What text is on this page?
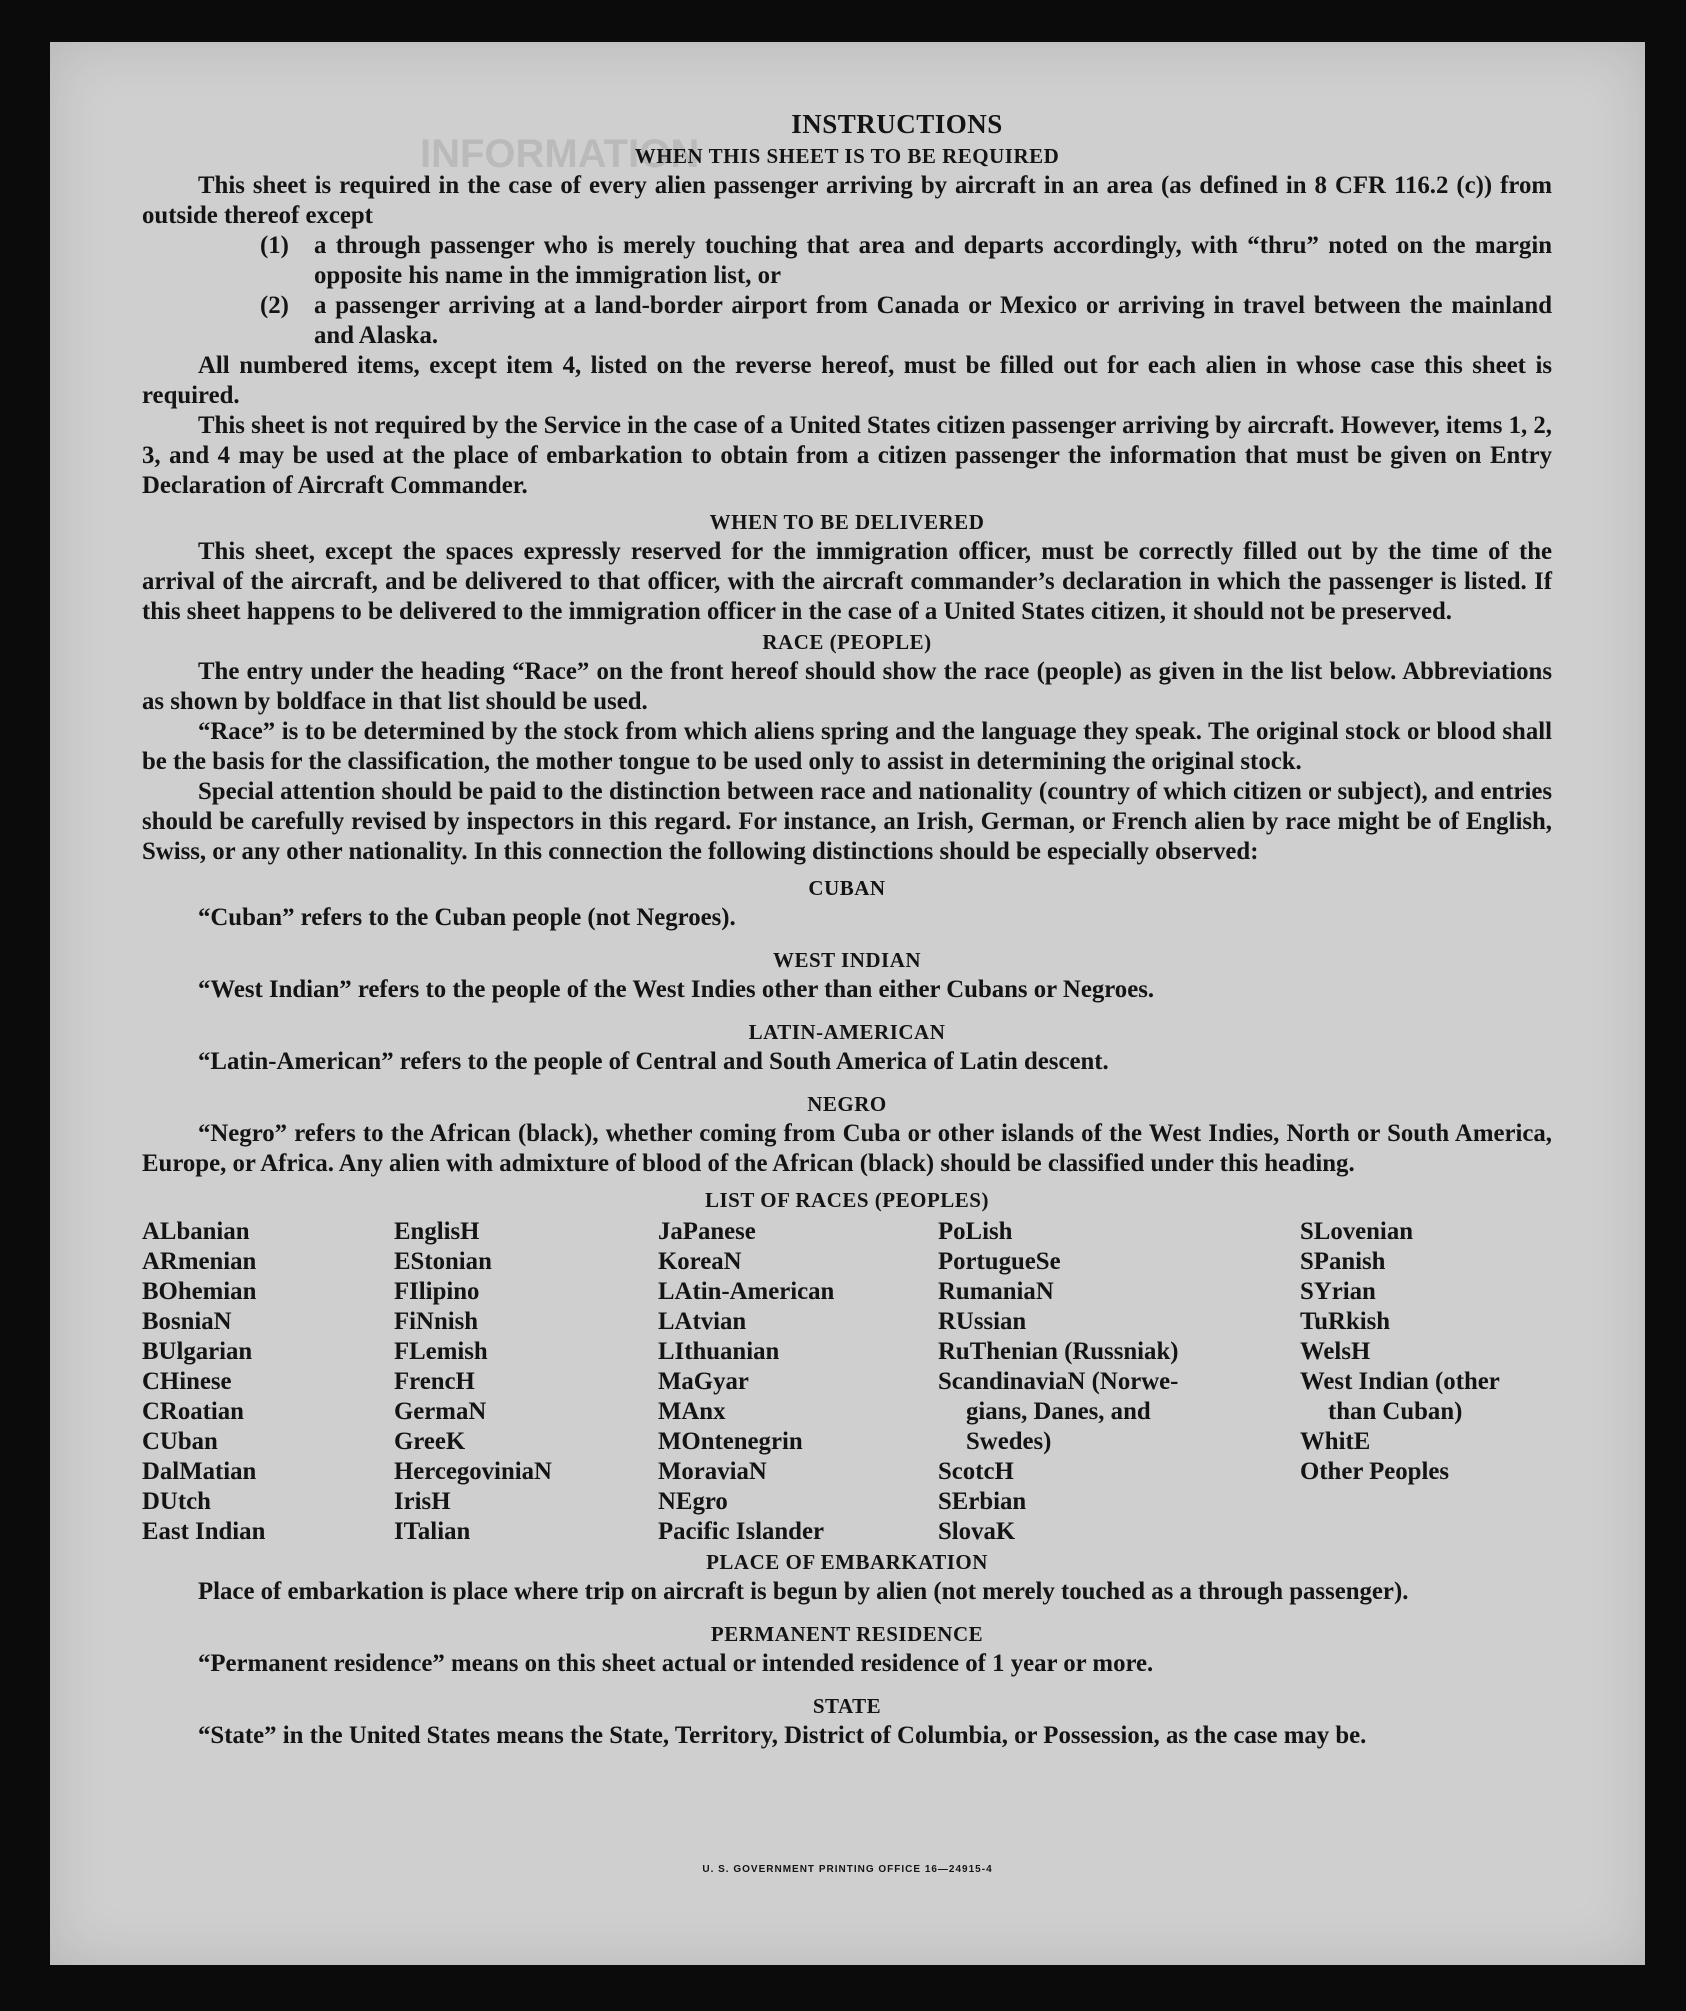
INFORMATION
INSTRUCTIONS
WHEN THIS SHEET IS TO BE REQUIRED

This sheet is required in the case of every alien passenger arriving by aircraft in an area (as defined in 8 CFR 116.2 (c)) from outside thereof except

(1)	a through passenger who is merely touching that area and departs accordingly, with “thru” noted on the margin opposite his name in the immigration list, or
(2)	a passenger arriving at a land-border airport from Canada or Mexico or arriving in travel between the mainland and Alaska.

All numbered items, except item 4, listed on the reverse hereof, must be filled out for each alien in whose case this sheet is required.

This sheet is not required by the Service in the case of a United States citizen passenger arriving by aircraft. However, items 1, 2, 3, and 4 may be used at the place of embarkation to obtain from a citizen passenger the information that must be given on Entry Declaration of Aircraft Commander.

WHEN TO BE DELIVERED

This sheet, except the spaces expressly reserved for the immigration officer, must be correctly filled out by the time of the arrival of the aircraft, and be delivered to that officer, with the aircraft commander’s declaration in which the passenger is listed. If this sheet happens to be delivered to the immigration officer in the case of a United States citizen, it should not be preserved.

RACE (PEOPLE)

The entry under the heading “Race” on the front hereof should show the race (people) as given in the list below. Abbreviations as shown by boldface in that list should be used.

“Race” is to be determined by the stock from which aliens spring and the language they speak. The original stock or blood shall be the basis for the classification, the mother tongue to be used only to assist in determining the original stock.

Special attention should be paid to the distinction between race and nationality (country of which citizen or subject), and entries should be carefully revised by inspectors in this regard. For instance, an Irish, German, or French alien by race might be of English, Swiss, or any other nationality. In this connection the following distinctions should be especially observed:

CUBAN

“Cuban” refers to the Cuban people (not Negroes).

WEST INDIAN

“West Indian” refers to the people of the West Indies other than either Cubans or Negroes.

LATIN-AMERICAN

“Latin-American” refers to the people of Central and South America of Latin descent.

NEGRO

“Negro” refers to the African (black), whether coming from Cuba or other islands of the West Indies, North or South America, Europe, or Africa. Any alien with admixture of blood of the African (black) should be classified under this heading.

LIST OF RACES (PEOPLES)
ALbanian
ARmenian
BOhemian
BosniaN
BUlgarian
CHinese
CRoatian
CUban
DalMatian
DUtch
East Indian
EnglisH
EStonian
FIlipino
FiNnish
FLemish
FrencH
GermaN
GreeK
HercegoviniaN
IrisH
ITalian
JaPanese
KoreaN
LAtin-American
LAtvian
LIthuanian
MaGyar
MAnx
MOntenegrin
MoraviaN
NEgro
Pacific Islander
PoLish
PortugueSe
RumaniaN
RUssian
RuThenian (Russniak)
ScandinaviaN (Norwe-
gians, Danes, and
Swedes)
ScotcH
SErbian
SlovaK
SLovenian
SPanish
SYrian
TuRkish
WelsH
West Indian (other
than Cuban)
WhitE
Other Peoples
PLACE OF EMBARKATION

Place of embarkation is place where trip on aircraft is begun by alien (not merely touched as a through passenger).

PERMANENT RESIDENCE

“Permanent residence” means on this sheet actual or intended residence of 1 year or more.

STATE

“State” in the United States means the State, Territory, District of Columbia, or Possession, as the case may be.

U. S. GOVERNMENT PRINTING OFFICE 16—24915-4
